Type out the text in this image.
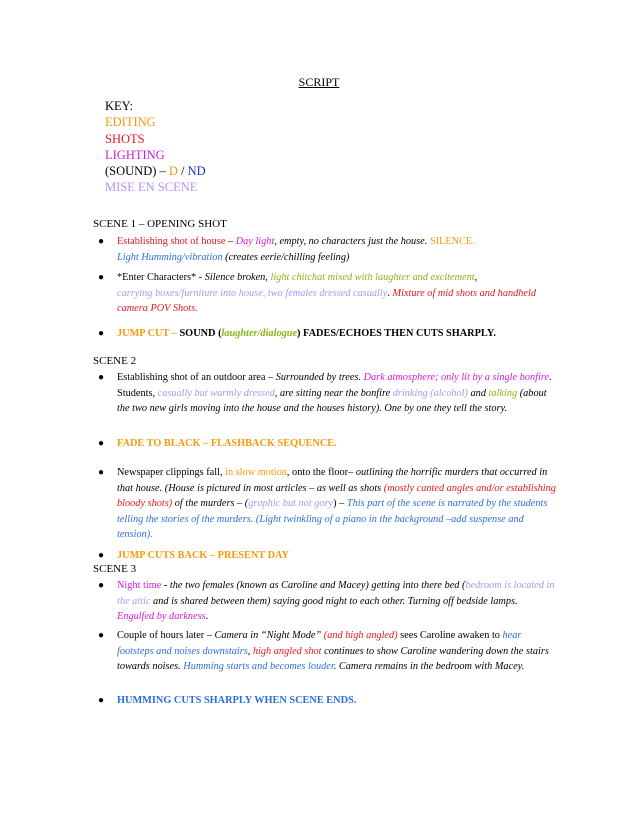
SCRIPT
KEY:
EDITING
SHOTS
LIGHTING
(SOUND) – D / ND
MISE EN SCENE
SCENE 1 – OPENING SHOT
● Establishing shot of house – Day light, empty, no characters just the house. SILENCE.
Light Humming/vibration (creates eerie/chilling feeling)
● *Enter Characters* - Silence broken, light chitchat mixed with laughter and excitement,
carrying boxes/furniture into house, two females dressed casually. Mixture of mid shots and handheld camera POV Shots.
● JUMP CUT – SOUND (laughter/dialogue) FADES/ECHOES THEN CUTS SHARPLY.
SCENE 2
● Establishing shot of an outdoor area – Surrounded by trees. Dark atmosphere; only lit by a single bonfire. Students, casually but warmly dressed, are sitting near the bonfire drinking (alcohol) and talking (about the two new girls moving into the house and the houses history). One by one they tell the story.
● FADE TO BLACK – FLASHBACK SEQUENCE.
● Newspaper clippings fall, in slow motion, onto the floor– outlining the horrific murders that occurred in that house. (House is pictured in most articles – as well as shots (mostly canted angles and/or establishing bloody shots) of the murders – (graphic but not gory) – This part of the scene is narrated by the students telling the stories of the murders. (Light twinkling of a piano in the background –add suspense and tension).
● JUMP CUTS BACK – PRESENT DAY
SCENE 3
● Night time - the two females (known as Caroline and Macey) getting into there bed (bedroom is located in the attic and is shared between them) saying good night to each other. Turning off bedside lamps. Engulfed by darkness.
● Couple of hours later – Camera in “Night Mode” (and high angled) sees Caroline awaken to hear footsteps and noises downstairs, high angled shot continues to show Caroline wandering down the stairs towards noises. Humming starts and becomes louder. Camera remains in the bedroom with Macey.
● HUMMING CUTS SHARPLY WHEN SCENE ENDS.
